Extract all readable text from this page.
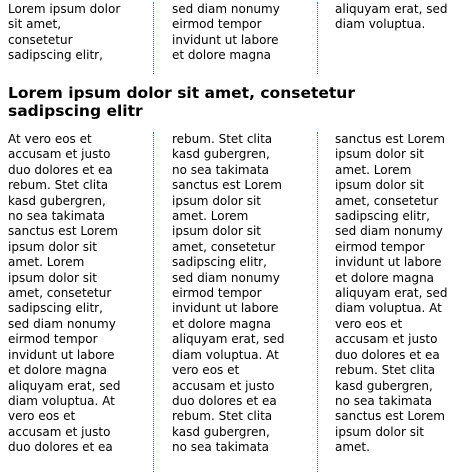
Lorem ipsum dolor
sit amet,
consetetur
sadipscing elitr,
sed diam nonumy
eirmod tempor
invidunt ut labore
et dolore magna
aliquyam erat, sed
diam voluptua.
Lorem ipsum dolor sit amet, consetetur sadipscing elitr
At vero eos et
accusam et justo
duo dolores et ea
rebum. Stet clita
kasd gubergren,
no sea takimata
sanctus est Lorem
ipsum dolor sit
amet. Lorem
ipsum dolor sit
amet, consetetur
sadipscing elitr,
sed diam nonumy
eirmod tempor
invidunt ut labore
et dolore magna
aliquyam erat, sed
diam voluptua. At
vero eos et
accusam et justo
duo dolores et ea
rebum. Stet clita
kasd gubergren,
no sea takimata
sanctus est Lorem
ipsum dolor sit
amet. Lorem
ipsum dolor sit
amet, consetetur
sadipscing elitr,
sed diam nonumy
eirmod tempor
invidunt ut labore
et dolore magna
aliquyam erat, sed
diam voluptua. At
vero eos et
accusam et justo
duo dolores et ea
rebum. Stet clita
kasd gubergren,
no sea takimata
sanctus est Lorem
ipsum dolor sit
amet. Lorem
ipsum dolor sit
amet, consetetur
sadipscing elitr,
sed diam nonumy
eirmod tempor
invidunt ut labore
et dolore magna
aliquyam erat, sed
diam voluptua. At
vero eos et
accusam et justo
duo dolores et ea
rebum. Stet clita
kasd gubergren,
no sea takimata
sanctus est Lorem
ipsum dolor sit
amet.
